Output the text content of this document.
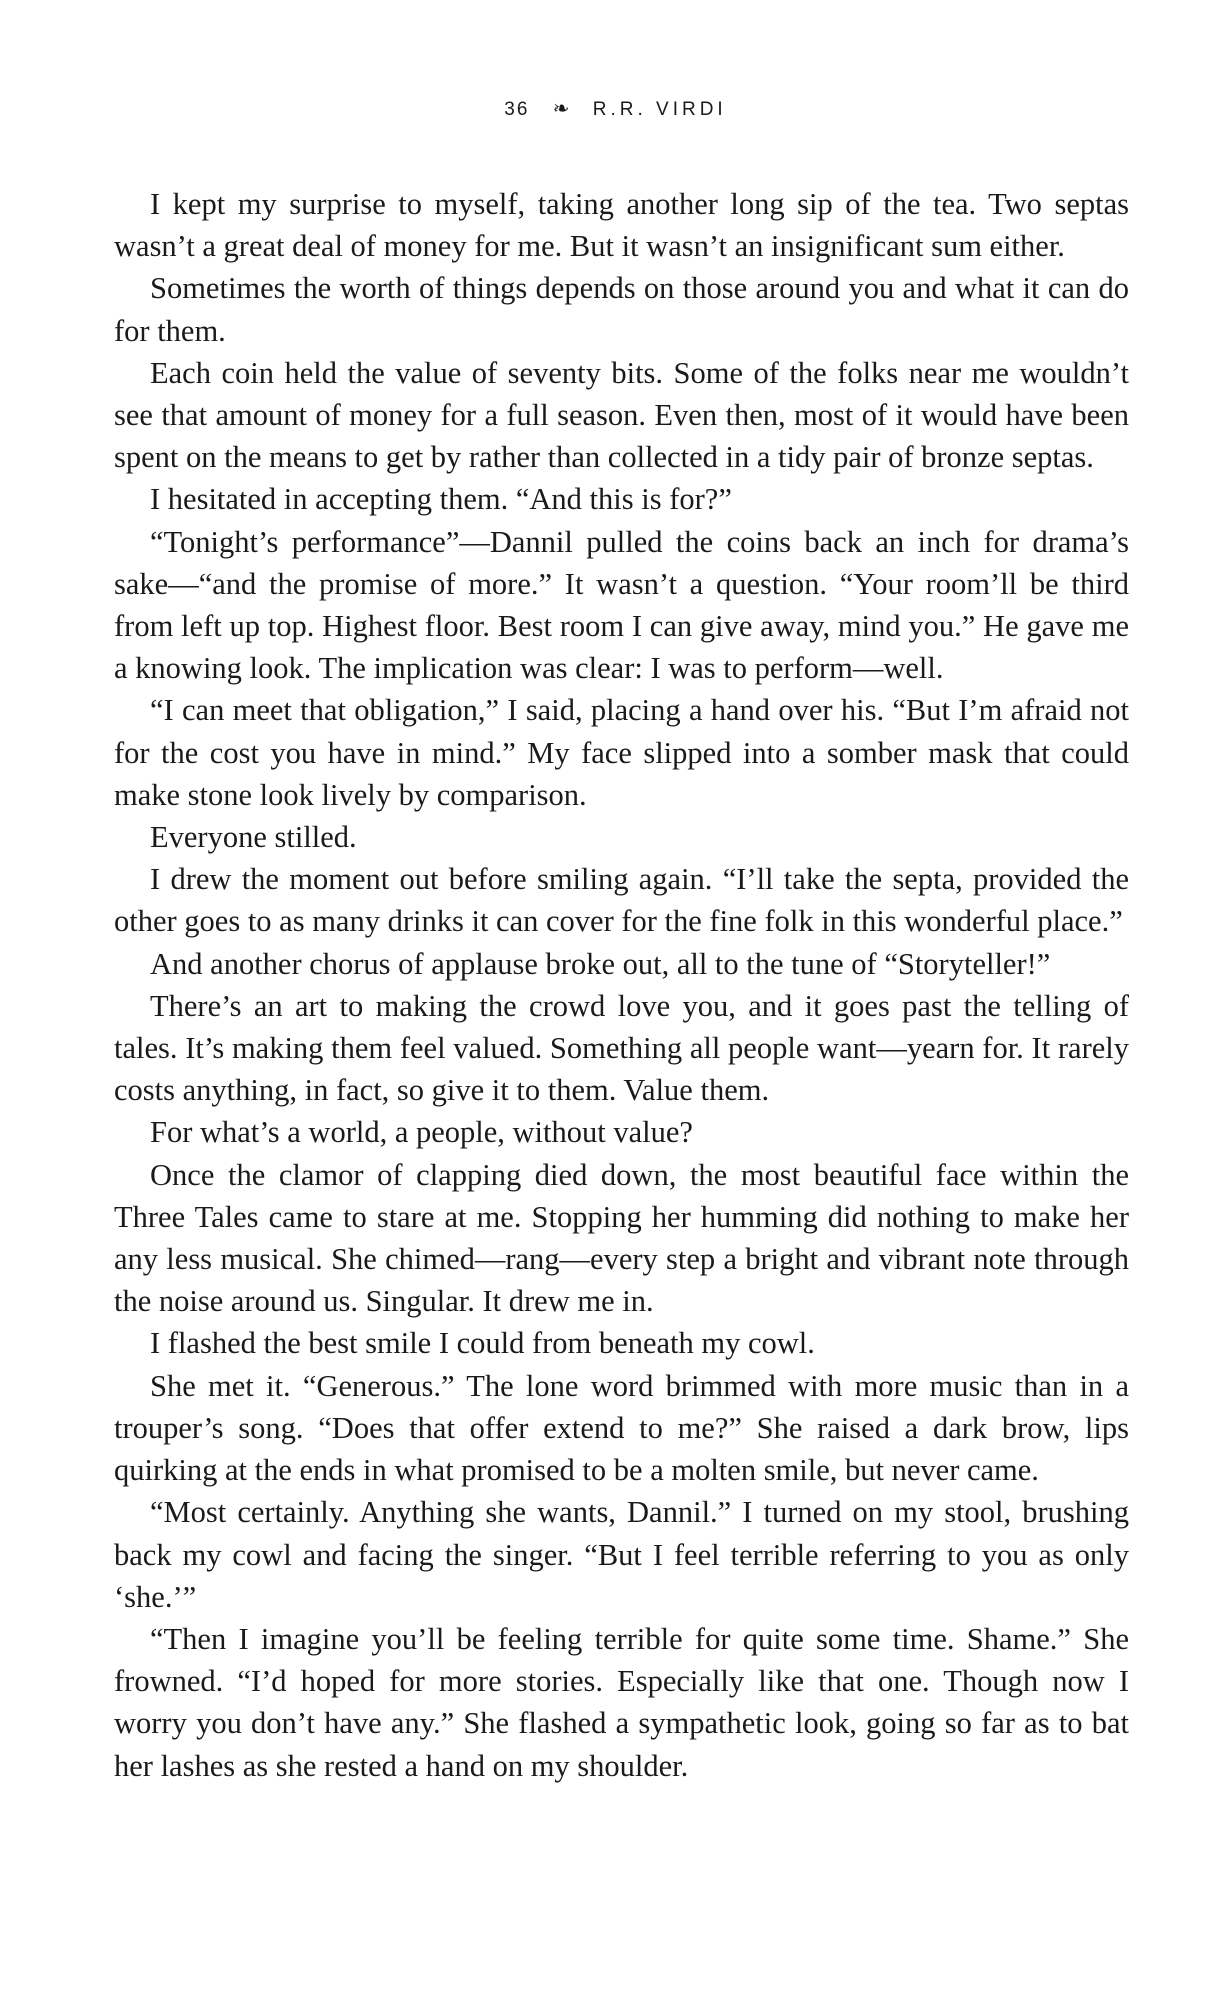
36 ❧ R.R. VIRDI

I kept my surprise to myself, taking another long sip of the tea. Two septas wasn’t a great deal of money for me. But it wasn’t an insignificant sum either.

Sometimes the worth of things depends on those around you and what it can do for them.

Each coin held the value of seventy bits. Some of the folks near me wouldn’t see that amount of money for a full season. Even then, most of it would have been spent on the means to get by rather than collected in a tidy pair of bronze septas.

I hesitated in accepting them. “And this is for?”

“Tonight’s performance”—Dannil pulled the coins back an inch for drama’s sake—“and the promise of more.” It wasn’t a question. “Your room’ll be third from left up top. Highest floor. Best room I can give away, mind you.” He gave me a knowing look. The implication was clear: I was to perform—well.

“I can meet that obligation,” I said, placing a hand over his. “But I’m afraid not for the cost you have in mind.” My face slipped into a somber mask that could make stone look lively by comparison.

Everyone stilled.

I drew the moment out before smiling again. “I’ll take the septa, provided the other goes to as many drinks it can cover for the fine folk in this wonderful place.”

And another chorus of applause broke out, all to the tune of “Storyteller!”

There’s an art to making the crowd love you, and it goes past the telling of tales. It’s making them feel valued. Something all people want—yearn for. It rarely costs anything, in fact, so give it to them. Value them.

For what’s a world, a people, without value?

Once the clamor of clapping died down, the most beautiful face within the Three Tales came to stare at me. Stopping her humming did nothing to make her any less musical. She chimed—rang—every step a bright and vibrant note through the noise around us. Singular. It drew me in.

I flashed the best smile I could from beneath my cowl.

She met it. “Generous.” The lone word brimmed with more music than in a trouper’s song. “Does that offer extend to me?” She raised a dark brow, lips quirking at the ends in what promised to be a molten smile, but never came.

“Most certainly. Anything she wants, Dannil.” I turned on my stool, brushing back my cowl and facing the singer. “But I feel terrible referring to you as only ‘she.’”

“Then I imagine you’ll be feeling terrible for quite some time. Shame.” She frowned. “I’d hoped for more stories. Especially like that one. Though now I worry you don’t have any.” She flashed a sympathetic look, going so far as to bat her lashes as she rested a hand on my shoulder.
